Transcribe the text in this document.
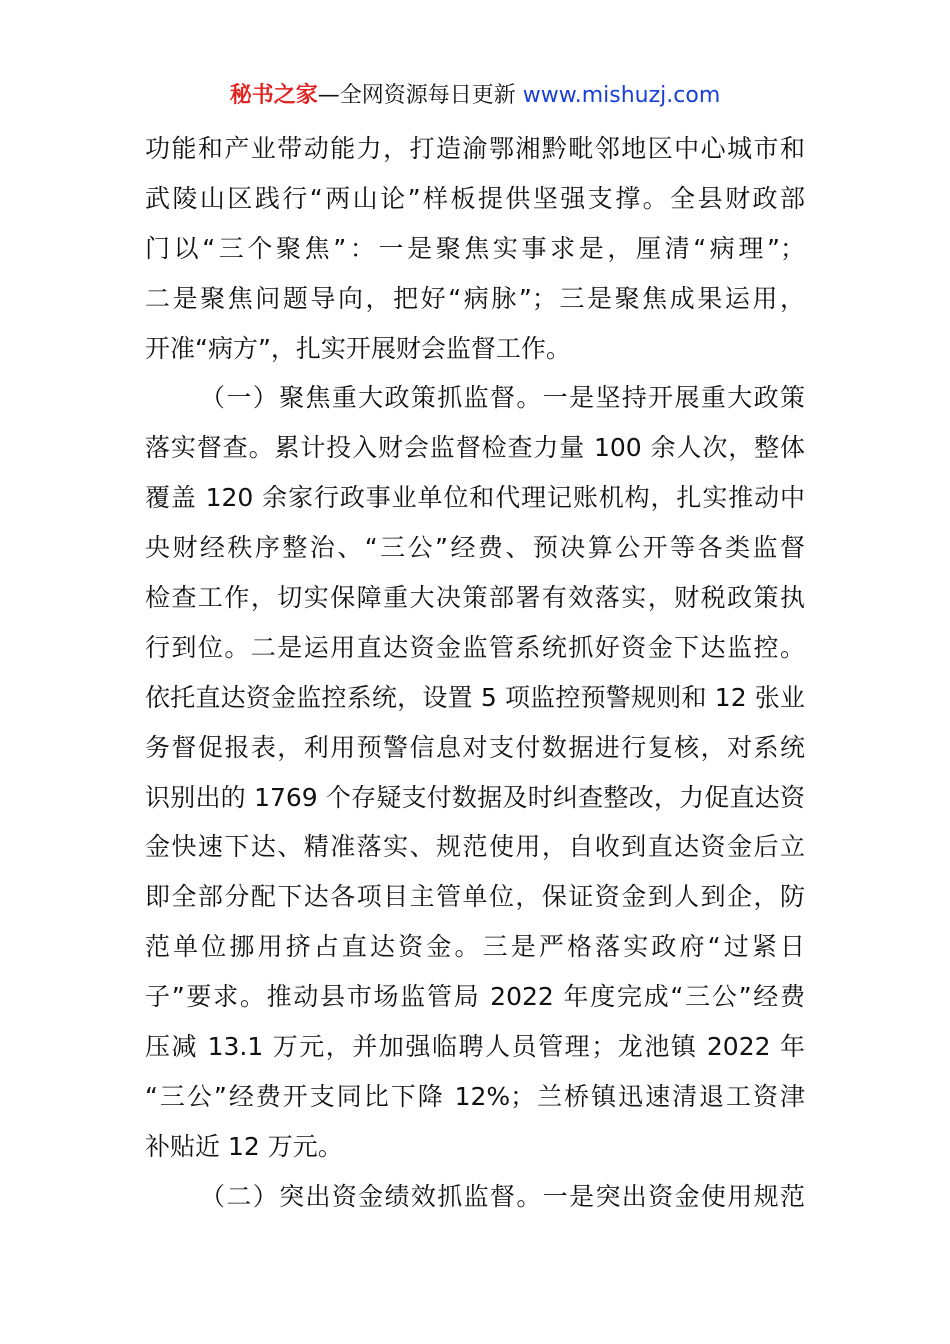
秘书之家—全网资源每日更新 www.mishuzj.com
功能和产业带动能力，打造渝鄂湘黔毗邻地区中心城市和
武陵山区践行“两山论”样板提供坚强支撑。全县财政部
门以“三个聚焦”：一是聚焦实事求是，厘清“病理”；
二是聚焦问题导向，把好“病脉”；三是聚焦成果运用，
开准“病方”，扎实开展财会监督工作。
（一）聚焦重大政策抓监督。一是坚持开展重大政策
落实督查。累计投入财会监督检查力量 100 余人次，整体
覆盖 120 余家行政事业单位和代理记账机构，扎实推动中
央财经秩序整治、“三公”经费、预决算公开等各类监督
检查工作，切实保障重大决策部署有效落实，财税政策执
行到位。二是运用直达资金监管系统抓好资金下达监控。
依托直达资金监控系统，设置 5 项监控预警规则和 12 张业
务督促报表，利用预警信息对支付数据进行复核，对系统
识别出的 1769 个存疑支付数据及时纠查整改，力促直达资
金快速下达、精准落实、规范使用，自收到直达资金后立
即全部分配下达各项目主管单位，保证资金到人到企，防
范单位挪用挤占直达资金。三是严格落实政府“过紧日
子”要求。推动县市场监管局 2022 年度完成“三公”经费
压减 13.1 万元，并加强临聘人员管理；龙池镇 2022 年
“三公”经费开支同比下降 12%；兰桥镇迅速清退工资津
补贴近 12 万元。
（二）突出资金绩效抓监督。一是突出资金使用规范
